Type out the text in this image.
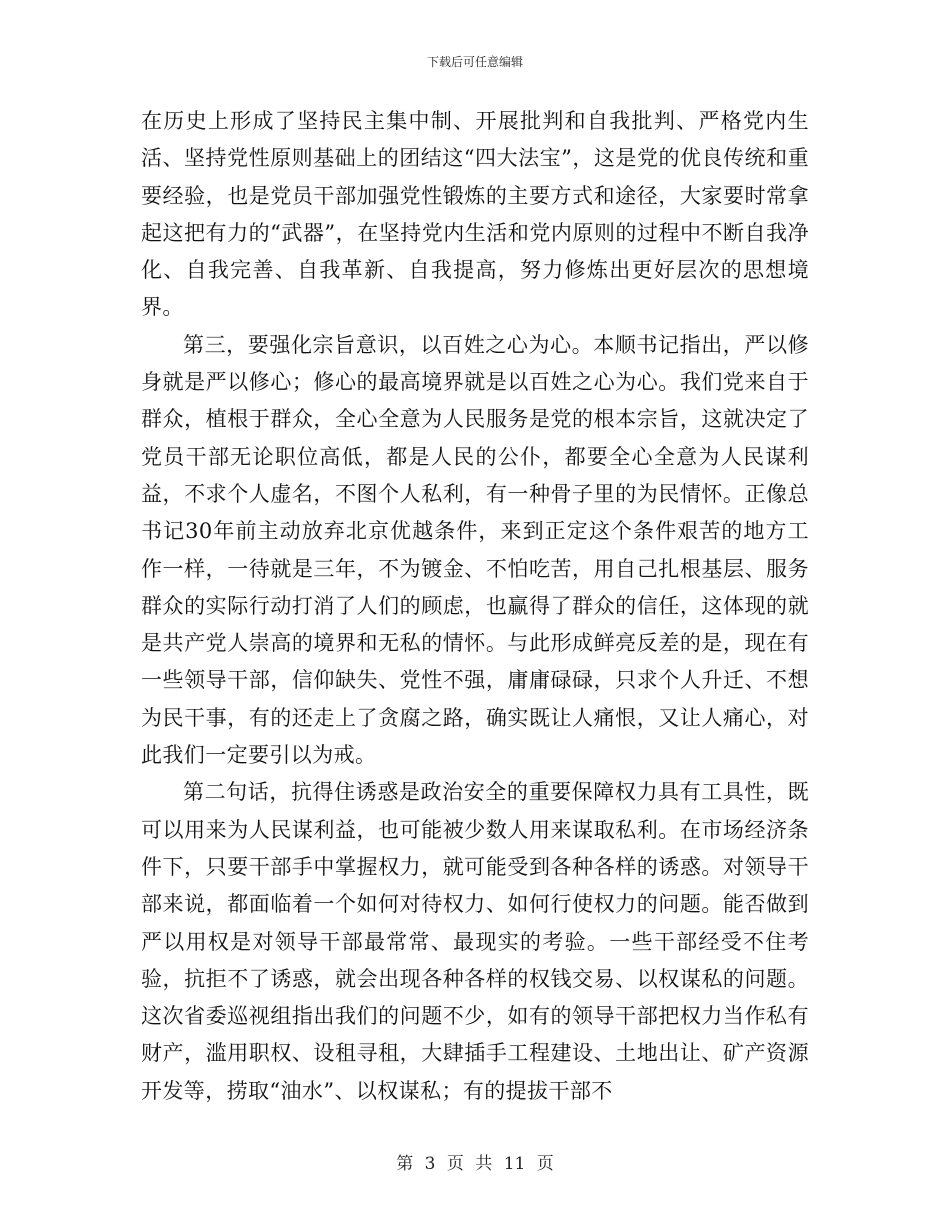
下载后可任意编辑

在历史上形成了坚持民主集中制、开展批判和自我批判、严格党内生活、坚持党性原则基础上的团结这“四大法宝”，这是党的优良传统和重要经验，也是党员干部加强党性锻炼的主要方式和途径，大家要时常拿起这把有力的“武器”，在坚持党内生活和党内原则的过程中不断自我净化、自我完善、自我革新、自我提高，努力修炼出更好层次的思想境界。

第三，要强化宗旨意识，以百姓之心为心。本顺书记指出，严以修身就是严以修心；修心的最高境界就是以百姓之心为心。我们党来自于群众，植根于群众，全心全意为人民服务是党的根本宗旨，这就决定了党员干部无论职位高低，都是人民的公仆，都要全心全意为人民谋利益，不求个人虚名，不图个人私利，有一种骨子里的为民情怀。正像总书记30年前主动放弃北京优越条件，来到正定这个条件艰苦的地方工作一样，一待就是三年，不为镀金、不怕吃苦，用自己扎根基层、服务群众的实际行动打消了人们的顾虑，也赢得了群众的信任，这体现的就是共产党人崇高的境界和无私的情怀。与此形成鲜亮反差的是，现在有一些领导干部，信仰缺失、党性不强，庸庸碌碌，只求个人升迁、不想为民干事，有的还走上了贪腐之路，确实既让人痛恨，又让人痛心，对此我们一定要引以为戒。

第二句话，抗得住诱惑是政治安全的重要保障权力具有工具性，既可以用来为人民谋利益，也可能被少数人用来谋取私利。在市场经济条件下，只要干部手中掌握权力，就可能受到各种各样的诱惑。对领导干部来说，都面临着一个如何对待权力、如何行使权力的问题。能否做到严以用权是对领导干部最常常、最现实的考验。一些干部经受不住考验，抗拒不了诱惑，就会出现各种各样的权钱交易、以权谋私的问题。这次省委巡视组指出我们的问题不少，如有的领导干部把权力当作私有财产，滥用职权、设租寻租，大肆插手工程建设、土地出让、矿产资源开发等，捞取“油水”、以权谋私；有的提拔干部不

第 3 页 共 11 页
